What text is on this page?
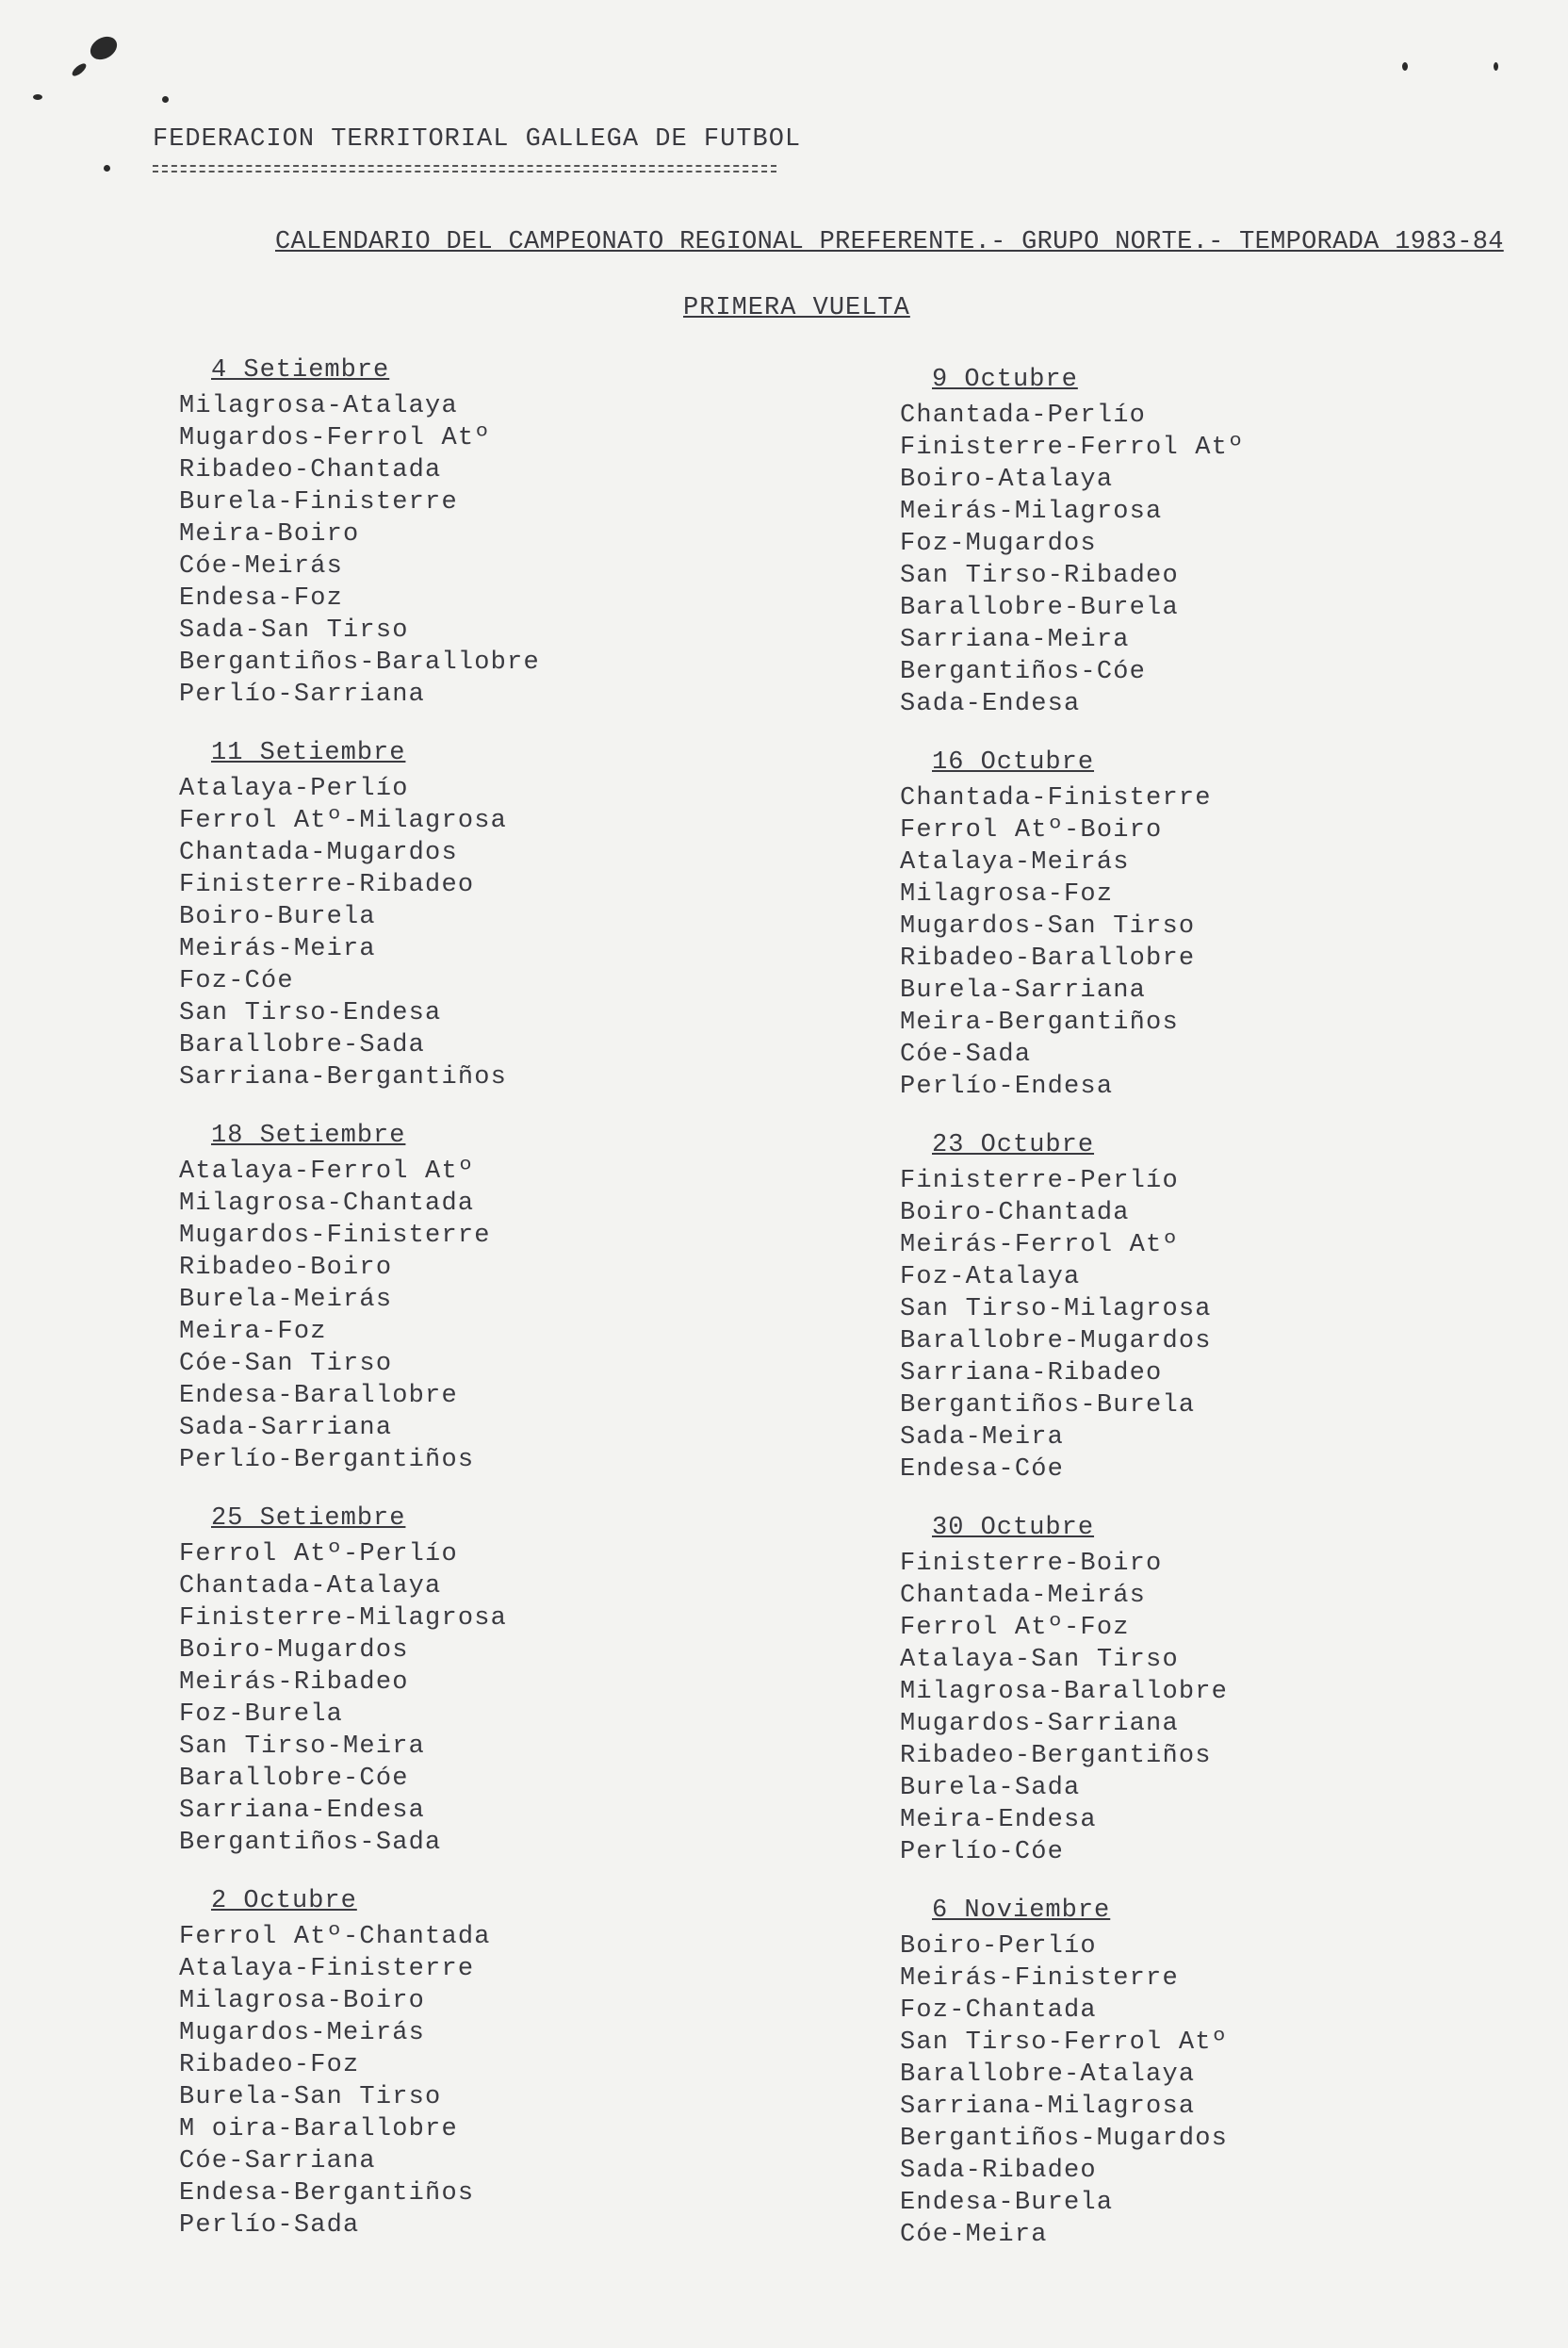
FEDERACION TERRITORIAL GALLEGA DE FUTBOL
CALENDARIO DEL CAMPEONATO REGIONAL PREFERENTE.- GRUPO NORTE.- TEMPORADA 1983-84
PRIMERA VUELTA
4 Setiembre
Milagrosa-Atalaya
Mugardos-Ferrol Atº
Ribadeo-Chantada
Burela-Finisterre
Meira-Boiro
Cóe-Meirás
Endesa-Foz
Sada-San Tirso
Bergantiños-Barallobre
Perlío-Sarriana
11 Setiembre
Atalaya-Perlío
Ferrol Atº-Milagrosa
Chantada-Mugardos
Finisterre-Ribadeo
Boiro-Burela
Meirás-Meira
Foz-Cóe
San Tirso-Endesa
Barallobre-Sada
Sarriana-Bergantiños
18 Setiembre
Atalaya-Ferrol Atº
Milagrosa-Chantada
Mugardos-Finisterre
Ribadeo-Boiro
Burela-Meirás
Meira-Foz
Cóe-San Tirso
Endesa-Barallobre
Sada-Sarriana
Perlío-Bergantiños
25 Setiembre
Ferrol Atº-Perlío
Chantada-Atalaya
Finisterre-Milagrosa
Boiro-Mugardos
Meirás-Ribadeo
Foz-Burela
San Tirso-Meira
Barallobre-Cóe
Sarriana-Endesa
Bergantiños-Sada
2 Octubre
Ferrol Atº-Chantada
Atalaya-Finisterre
Milagrosa-Boiro
Mugardos-Meirás
Ribadeo-Foz
Burela-San Tirso
M oira-Barallobre
Cóe-Sarriana
Endesa-Bergantiños
Perlío-Sada
9 Octubre
Chantada-Perlío
Finisterre-Ferrol Atº
Boiro-Atalaya
Meirás-Milagrosa
Foz-Mugardos
San Tirso-Ribadeo
Barallobre-Burela
Sarriana-Meira
Bergantiños-Cóe
Sada-Endesa
16 Octubre
Chantada-Finisterre
Ferrol Atº-Boiro
Atalaya-Meirás
Milagrosa-Foz
Mugardos-San Tirso
Ribadeo-Barallobre
Burela-Sarriana
Meira-Bergantiños
Cóe-Sada
Perlío-Endesa
23 Octubre
Finisterre-Perlío
Boiro-Chantada
Meirás-Ferrol Atº
Foz-Atalaya
San Tirso-Milagrosa
Barallobre-Mugardos
Sarriana-Ribadeo
Bergantiños-Burela
Sada-Meira
Endesa-Cóe
30 Octubre
Finisterre-Boiro
Chantada-Meirás
Ferrol Atº-Foz
Atalaya-San Tirso
Milagrosa-Barallobre
Mugardos-Sarriana
Ribadeo-Bergantiños
Burela-Sada
Meira-Endesa
Perlío-Cóe
6 Noviembre
Boiro-Perlío
Meirás-Finisterre
Foz-Chantada
San Tirso-Ferrol Atº
Barallobre-Atalaya
Sarriana-Milagrosa
Bergantiños-Mugardos
Sada-Ribadeo
Endesa-Burela
Cóe-Meira
